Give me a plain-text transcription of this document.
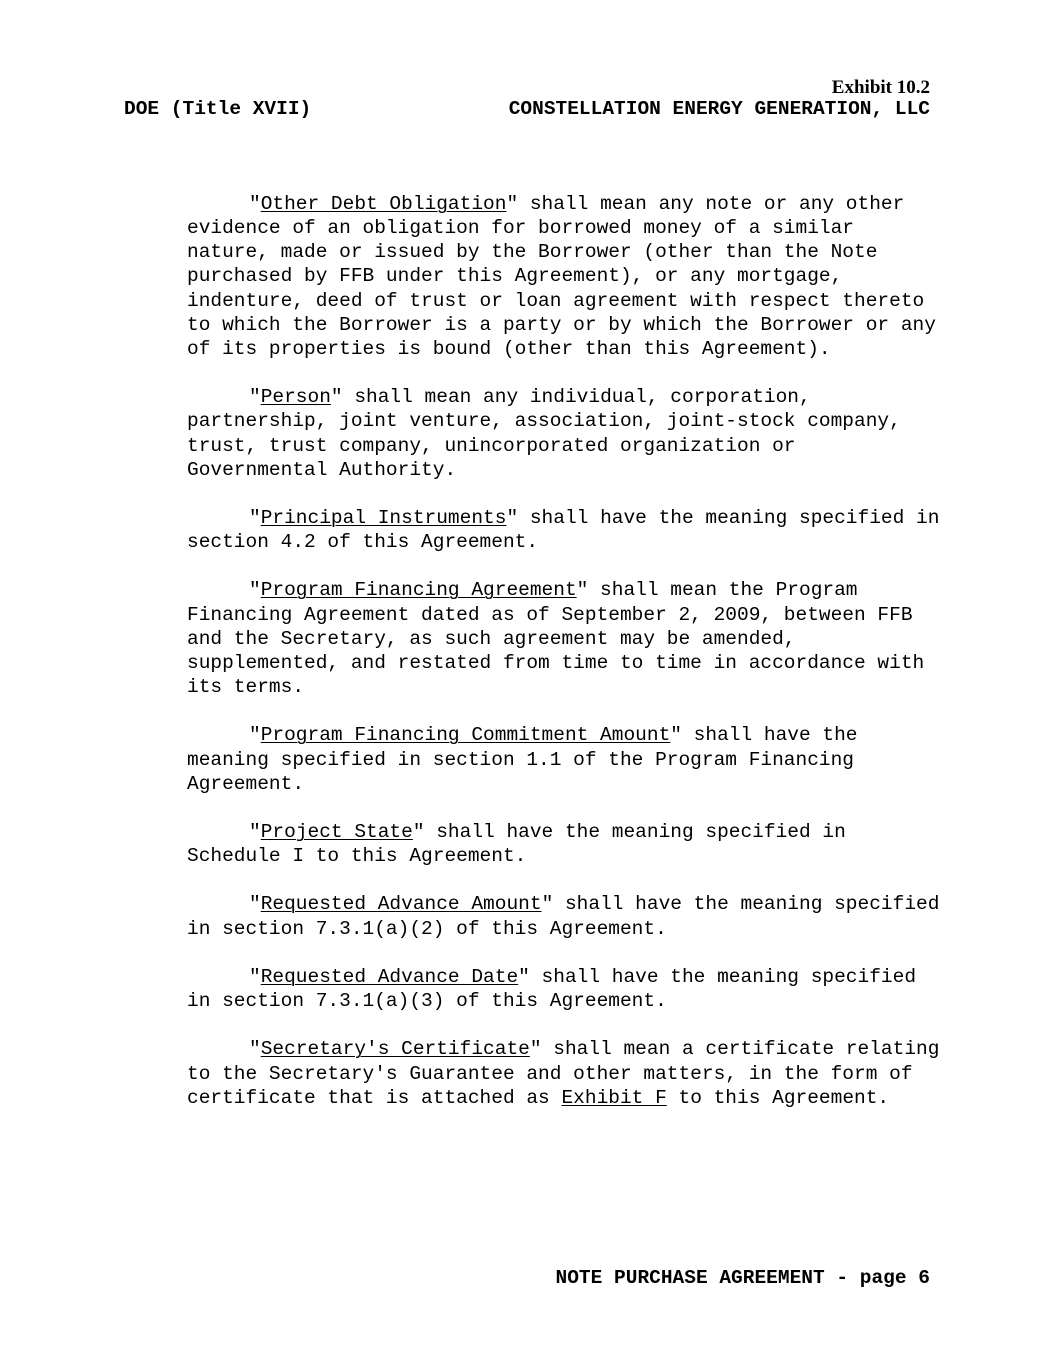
Exhibit 10.2
DOE (Title XVII)	CONSTELLATION ENERGY GENERATION, LLC

"Other Debt Obligation" shall mean any note or any other evidence of an obligation for borrowed money of a similar nature, made or issued by the Borrower (other than the Note purchased by FFB under this Agreement), or any mortgage, indenture, deed of trust or loan agreement with respect thereto to which the Borrower is a party or by which the Borrower or any of its properties is bound (other than this Agreement).

"Person" shall mean any individual, corporation, partnership, joint venture, association, joint-stock company, trust, trust company, unincorporated organization or Governmental Authority.

"Principal Instruments" shall have the meaning specified in section 4.2 of this Agreement.

"Program Financing Agreement" shall mean the Program Financing Agreement dated as of September 2, 2009, between FFB and the Secretary, as such agreement may be amended, supplemented, and restated from time to time in accordance with its terms.

"Program Financing Commitment Amount" shall have the meaning specified in section 1.1 of the Program Financing Agreement.

"Project State" shall have the meaning specified in Schedule I to this Agreement.

"Requested Advance Amount" shall have the meaning specified in section 7.3.1(a)(2) of this Agreement.

"Requested Advance Date" shall have the meaning specified in section 7.3.1(a)(3) of this Agreement.

"Secretary's Certificate" shall mean a certificate relating to the Secretary's Guarantee and other matters, in the form of certificate that is attached as Exhibit F to this Agreement.

NOTE PURCHASE AGREEMENT - page 6
